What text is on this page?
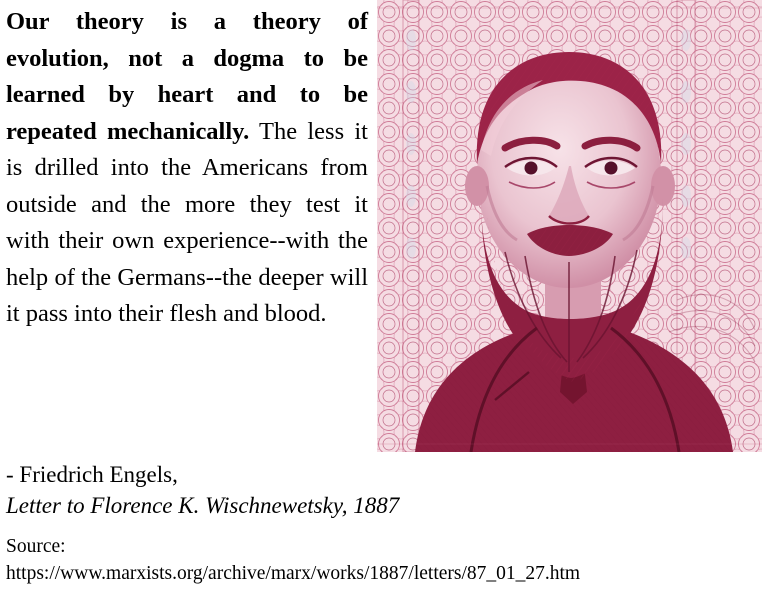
Our theory is a theory of evolution, not a dogma to be learned by heart and to be repeated mechanically. The less it is drilled into the Americans from outside and the more they test it with their own experience--with the help of the Germans--the deeper will it pass into their flesh and blood.

- Friedrich Engels,
Letter to Florence K. Wischnewetsky, 1887
Source:
https://www.marxists.org/archive/marx/works/1887/letters/87_01_27.htm
